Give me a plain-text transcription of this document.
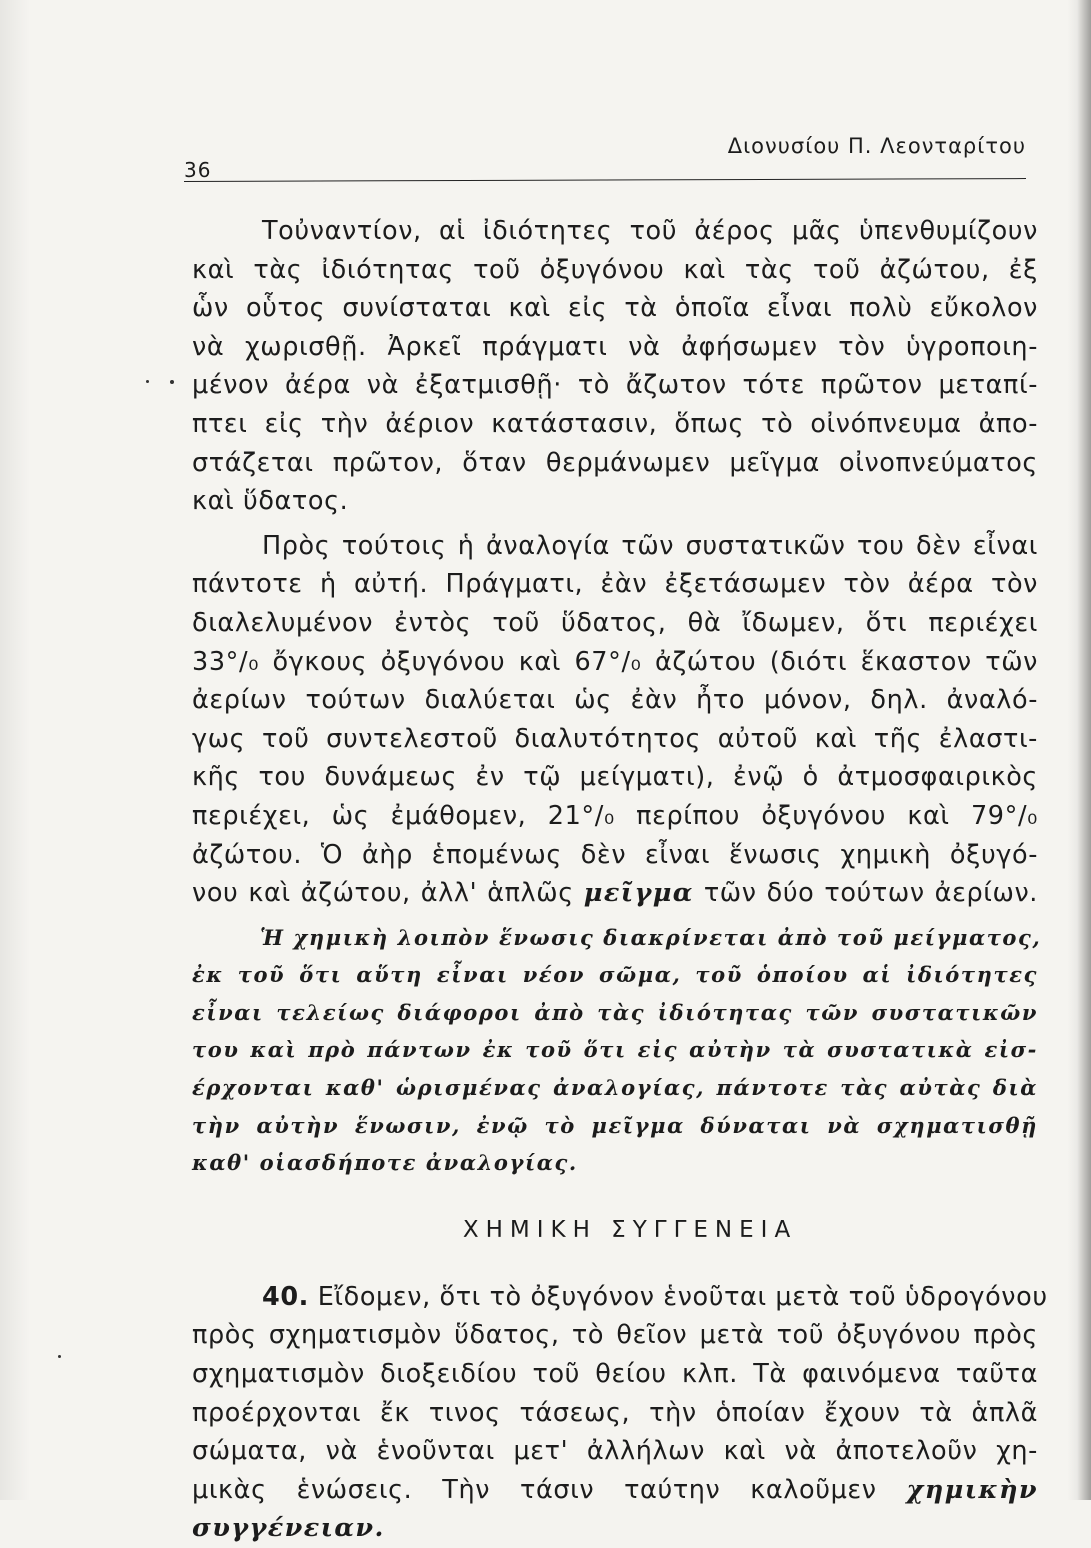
36
Διονυσίου Π. Λεονταρίτου
Τοὐναντίον, αἱ ἰδιότητες τοῦ ἀέρος μᾶς ὑπενθυμίζουν
καὶ τὰς ἰδιότητας τοῦ ὀξυγόνου καὶ τὰς τοῦ ἀζώτου, ἐξ
ὧν οὗτος συνίσταται καὶ εἰς τὰ ὁποῖα εἶναι πολὺ εὔκολον
νὰ χωρισθῇ. Ἀρκεῖ πράγματι νὰ ἀφήσωμεν τὸν ὑγροποιη-
μένον ἀέρα νὰ ἐξατμισθῇ· τὸ ἄζωτον τότε πρῶτον μεταπί-
πτει εἰς τὴν ἀέριον κατάστασιν, ὅπως τὸ οἰνόπνευμα ἀπο-
στάζεται πρῶτον, ὅταν θερμάνωμεν μεῖγμα οἰνοπνεύματος
καὶ ὕδατος.
Πρὸς τούτοις ἡ ἀναλογία τῶν συστατικῶν του δὲν εἶναι
πάντοτε ἡ αὐτή. Πράγματι, ἐὰν ἐξετάσωμεν τὸν ἀέρα τὸν
διαλελυμένον ἐντὸς τοῦ ὕδατος, θὰ ἴδωμεν, ὅτι περιέχει
33°/₀ ὄγκους ὀξυγόνου καὶ 67°/₀ ἀζώτου (διότι ἕκαστον τῶν
ἀερίων τούτων διαλύεται ὡς ἐὰν ἦτο μόνον, δηλ. ἀναλό-
γως τοῦ συντελεστοῦ διαλυτότητος αὐτοῦ καὶ τῆς ἐλαστι-
κῆς του δυνάμεως ἐν τῷ μείγματι), ἐνῷ ὁ ἀτμοσφαιρικὸς
περιέχει, ὡς ἐμάθομεν, 21°/₀ περίπου ὀξυγόνου καὶ 79°/₀
ἀζώτου. Ὁ ἀὴρ ἑπομένως δὲν εἶναι ἕνωσις χημικὴ ὀξυγό-
νου καὶ ἀζώτου, ἀλλ' ἁπλῶς μεῖγμα τῶν δύο τούτων ἀερίων.
Ἡ χημικὴ λοιπὸν ἕνωσις διακρίνεται ἀπὸ τοῦ μείγματος,
ἐκ τοῦ ὅτι αὕτη εἶναι νέον σῶμα, τοῦ ὁποίου αἱ ἰδιότητες
εἶναι τελείως διάφοροι ἀπὸ τὰς ἰδιότητας τῶν συστατικῶν
του καὶ πρὸ πάντων ἐκ τοῦ ὅτι εἰς αὐτὴν τὰ συστατικὰ εἰσ-
έρχονται καθ' ὡρισμένας ἀναλογίας, πάντοτε τὰς αὐτὰς διὰ
τὴν αὐτὴν ἕνωσιν, ἐνῷ τὸ μεῖγμα δύναται νὰ σχηματισθῇ
καθ' οἱασδήποτε ἀναλογίας.
ΧΗΜΙΚΗ ΣΥΓΓΕΝΕΙΑ
40. Εἴδομεν, ὅτι τὸ ὀξυγόνον ἑνοῦται μετὰ τοῦ ὑδρογόνου
πρὸς σχηματισμὸν ὕδατος, τὸ θεῖον μετὰ τοῦ ὀξυγόνου πρὸς
σχηματισμὸν διοξειδίου τοῦ θείου κλπ. Τὰ φαινόμενα ταῦτα
προέρχονται ἔκ τινος τάσεως, τὴν ὁποίαν ἔχουν τὰ ἁπλᾶ
σώματα, νὰ ἑνοῦνται μετ' ἀλλήλων καὶ νὰ ἀποτελοῦν χη-
μικὰς ἑνώσεις. Τὴν τάσιν ταύτην καλοῦμεν χημικὴν
συγγένειαν.
